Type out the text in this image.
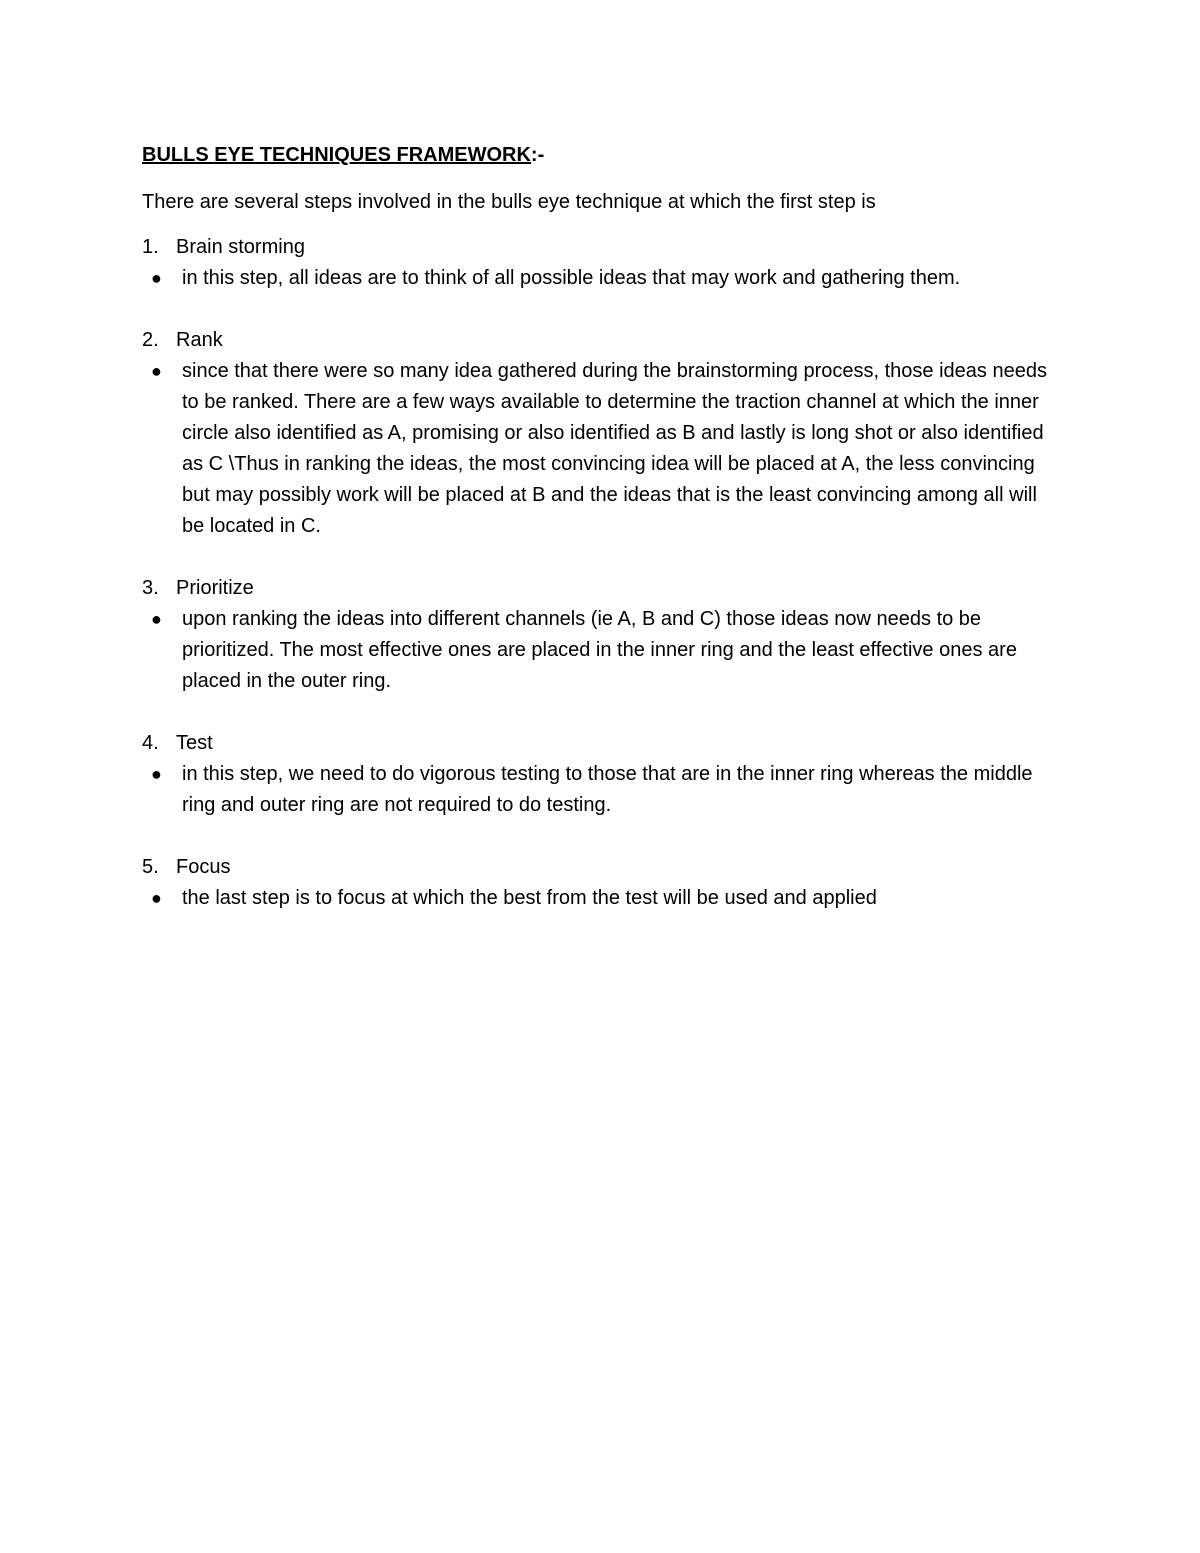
BULLS EYE TECHNIQUES FRAMEWORK:-

There are several steps involved in the bulls eye technique at which the first step is

1. Brain storming
● in this step, all ideas are to think of all possible ideas that may work and gathering them.
2. Rank
● since that there were so many idea gathered during the brainstorming process, those ideas needs to be ranked. There are a few ways available to determine the traction channel at which the inner circle also identified as A, promising or also identified as B and lastly is long shot or also identified as C \Thus in ranking the ideas, the most convincing idea will be placed at A, the less convincing but may possibly work will be placed at B and the ideas that is the least convincing among all will be located in C.
3. Prioritize
● upon ranking the ideas into different channels (ie A, B and C) those ideas now needs to be prioritized. The most effective ones are placed in the inner ring and the least effective ones are placed in the outer ring.
4. Test
● in this step, we need to do vigorous testing to those that are in the inner ring whereas the middle ring and outer ring are not required to do testing.
5. Focus
● the last step is to focus at which the best from the test will be used and applied
